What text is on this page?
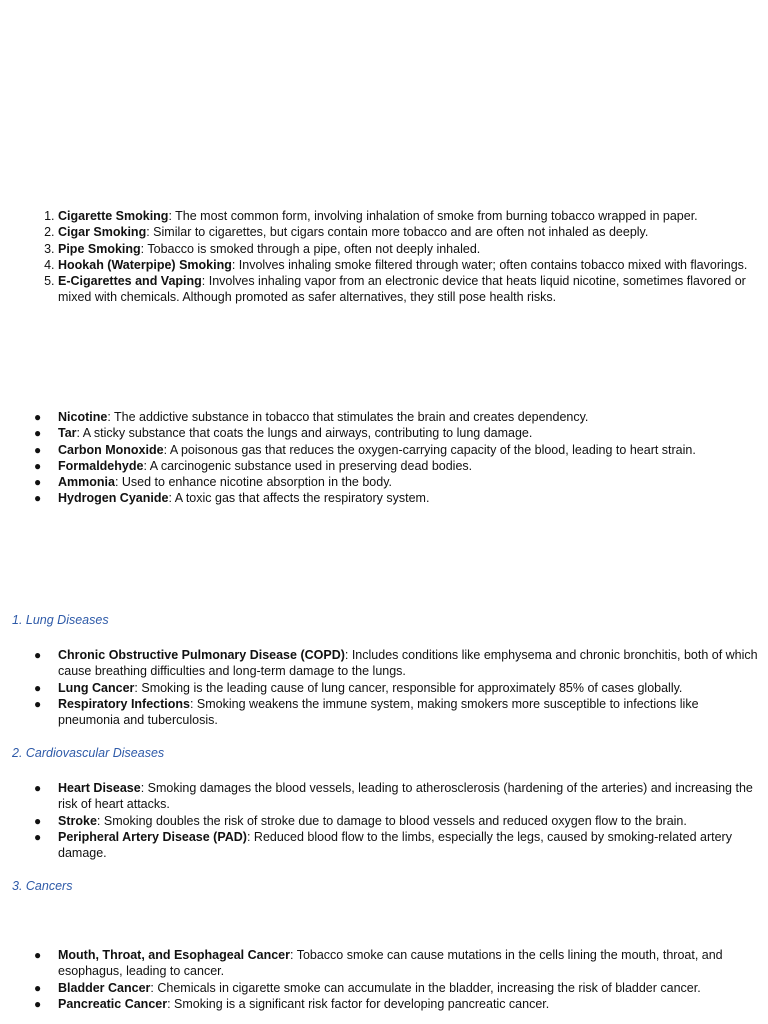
1. Cigarette Smoking: The most common form, involving inhalation of smoke from burning tobacco wrapped in paper.
2. Cigar Smoking: Similar to cigarettes, but cigars contain more tobacco and are often not inhaled as deeply.
3. Pipe Smoking: Tobacco is smoked through a pipe, often not deeply inhaled.
4. Hookah (Waterpipe) Smoking: Involves inhaling smoke filtered through water; often contains tobacco mixed with flavorings.
5. E-Cigarettes and Vaping: Involves inhaling vapor from an electronic device that heats liquid nicotine, sometimes flavored or mixed with chemicals. Although promoted as safer alternatives, they still pose health risks.
● Nicotine: The addictive substance in tobacco that stimulates the brain and creates dependency.
● Tar: A sticky substance that coats the lungs and airways, contributing to lung damage.
● Carbon Monoxide: A poisonous gas that reduces the oxygen-carrying capacity of the blood, leading to heart strain.
● Formaldehyde: A carcinogenic substance used in preserving dead bodies.
● Ammonia: Used to enhance nicotine absorption in the body.
● Hydrogen Cyanide: A toxic gas that affects the respiratory system.
1. Lung Diseases
● Chronic Obstructive Pulmonary Disease (COPD): Includes conditions like emphysema and chronic bronchitis, both of which cause breathing difficulties and long-term damage to the lungs.
● Lung Cancer: Smoking is the leading cause of lung cancer, responsible for approximately 85% of cases globally.
● Respiratory Infections: Smoking weakens the immune system, making smokers more susceptible to infections like pneumonia and tuberculosis.
2. Cardiovascular Diseases
● Heart Disease: Smoking damages the blood vessels, leading to atherosclerosis (hardening of the arteries) and increasing the risk of heart attacks.
● Stroke: Smoking doubles the risk of stroke due to damage to blood vessels and reduced oxygen flow to the brain.
● Peripheral Artery Disease (PAD): Reduced blood flow to the limbs, especially the legs, caused by smoking-related artery damage.
3. Cancers
● Mouth, Throat, and Esophageal Cancer: Tobacco smoke can cause mutations in the cells lining the mouth, throat, and esophagus, leading to cancer.
● Bladder Cancer: Chemicals in cigarette smoke can accumulate in the bladder, increasing the risk of bladder cancer.
● Pancreatic Cancer: Smoking is a significant risk factor for developing pancreatic cancer.
